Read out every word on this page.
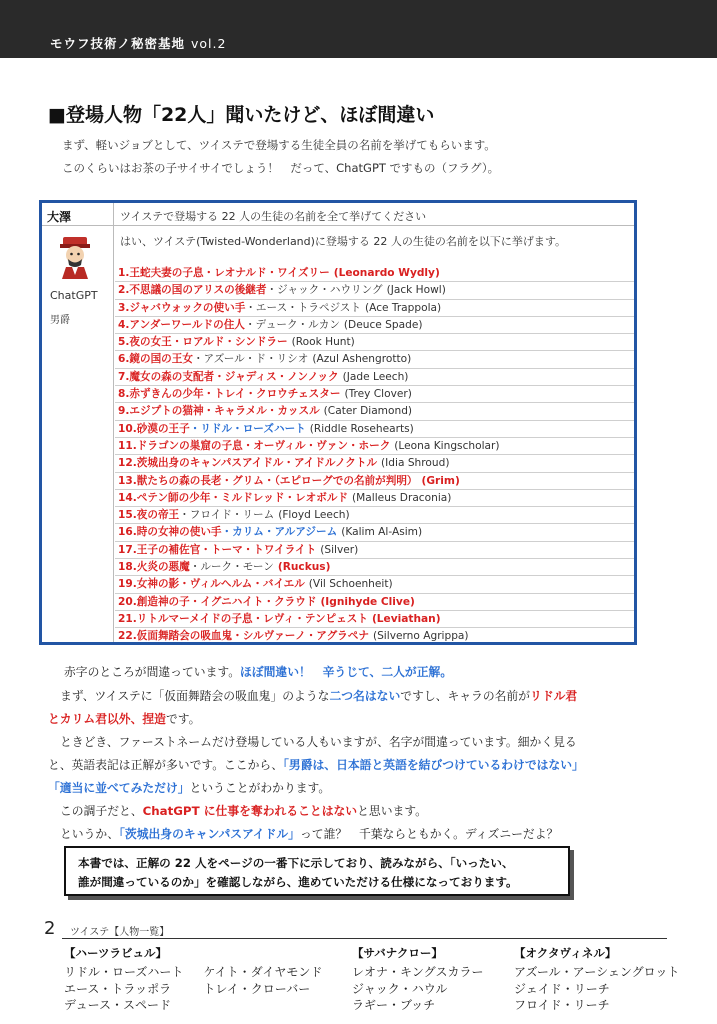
モウフ技術ノ秘密基地 vol.2
■登場人物「22人」聞いたけど、ほぼ間違い
まず、軽いジョブとして、ツイステで登場する生徒全員の名前を挙げてもらいます。
このくらいはお茶の子サイサイでしょう！　だって、ChatGPT ですもの（フラグ）。
大澤
ChatGPT
男爵
ツイステで登場する 22 人の生徒の名前を全て挙げてください
はい、ツイステ(Twisted-Wonderland)に登場する 22 人の生徒の名前を以下に挙げます。
1.王蛇夫妻の子息・レオナルド・ワイズリー (Leonardo Wydly)
2.不思議の国のアリスの後継者・ジャック・ハウリング (Jack Howl)
3.ジャバウォックの使い手・エース・トラペジスト (Ace Trappola)
4.アンダーワールドの住人・デューク・ルカン (Deuce Spade)
5.夜の女王・ロアルド・シンドラー (Rook Hunt)
6.鏡の国の王女・アズール・ド・リシオ (Azul Ashengrotto)
7.魔女の森の支配者・ジャディス・ノンノック (Jade Leech)
8.赤ずきんの少年・トレイ・クロウチェスター (Trey Clover)
9.エジプトの猫神・キャラメル・カッスル (Cater Diamond)
10.砂漠の王子・リドル・ローズハート (Riddle Rosehearts)
11.ドラゴンの巣窟の子息・オーヴィル・ヴァン・ホーク (Leona Kingscholar)
12.茨城出身のキャンパスアイドル・アイドルノクトル (Idia Shroud)
13.獣たちの森の長老・グリム・（エピローグでの名前が判明） (Grim)
14.ペテン師の少年・ミルドレッド・レオボルド (Malleus Draconia)
15.夜の帝王・フロイド・リーム (Floyd Leech)
16.時の女神の使い手・カリム・アルアジーム (Kalim Al-Asim)
17.王子の補佐官・トーマ・トワイライト (Silver)
18.火炎の悪魔・ルーク・モーン (Ruckus)
19.女神の影・ヴィルヘルム・バイエル (Vil Schoenheit)
20.創造神の子・イグニハイト・クラウド (Ignihyde Clive)
21.リトルマーメイドの子息・レヴィ・テンピェスト (Leviathan)
22.仮面舞踏会の吸血鬼・シルヴァーノ・アグラペナ (Silverno Agrippa)
赤字のところが間違っています。ほぼ間違い！　辛うじて、二人が正解。
まず、ツイステに「仮面舞踏会の吸血鬼」のような二つ名はないですし、キャラの名前がリドル君
とカリム君以外、捏造です。
ときどき、ファーストネームだけ登場している人もいますが、名字が間違っています。細かく見る
と、英語表記は正解が多いです。ここから、「男爵は、日本語と英語を結びつけているわけではない」
「適当に並べてみただけ」ということがわかります。
この調子だと、ChatGPT に仕事を奪われることはないと思います。
というか、「茨城出身のキャンパスアイドル」って誰？　千葉ならともかく。ディズニーだよ？
本書では、正解の 22 人をページの一番下に示しており、読みながら、「いったい、
誰が間違っているのか」を確認しながら、進めていただける仕様になっております。
2 ツイステ【人物一覧】
【ハーツラビュル】
リドル・ローズハート ケイト・ダイヤモンド
エース・トラッポラ	トレイ・クローバー
デュース・スペード
【サバナクロー】
レオナ・キングスカラー
ジャック・ハウル
ラギー・ブッチ
【オクタヴィネル】
アズール・アーシェングロット
ジェイド・リーチ
フロイド・リーチ
